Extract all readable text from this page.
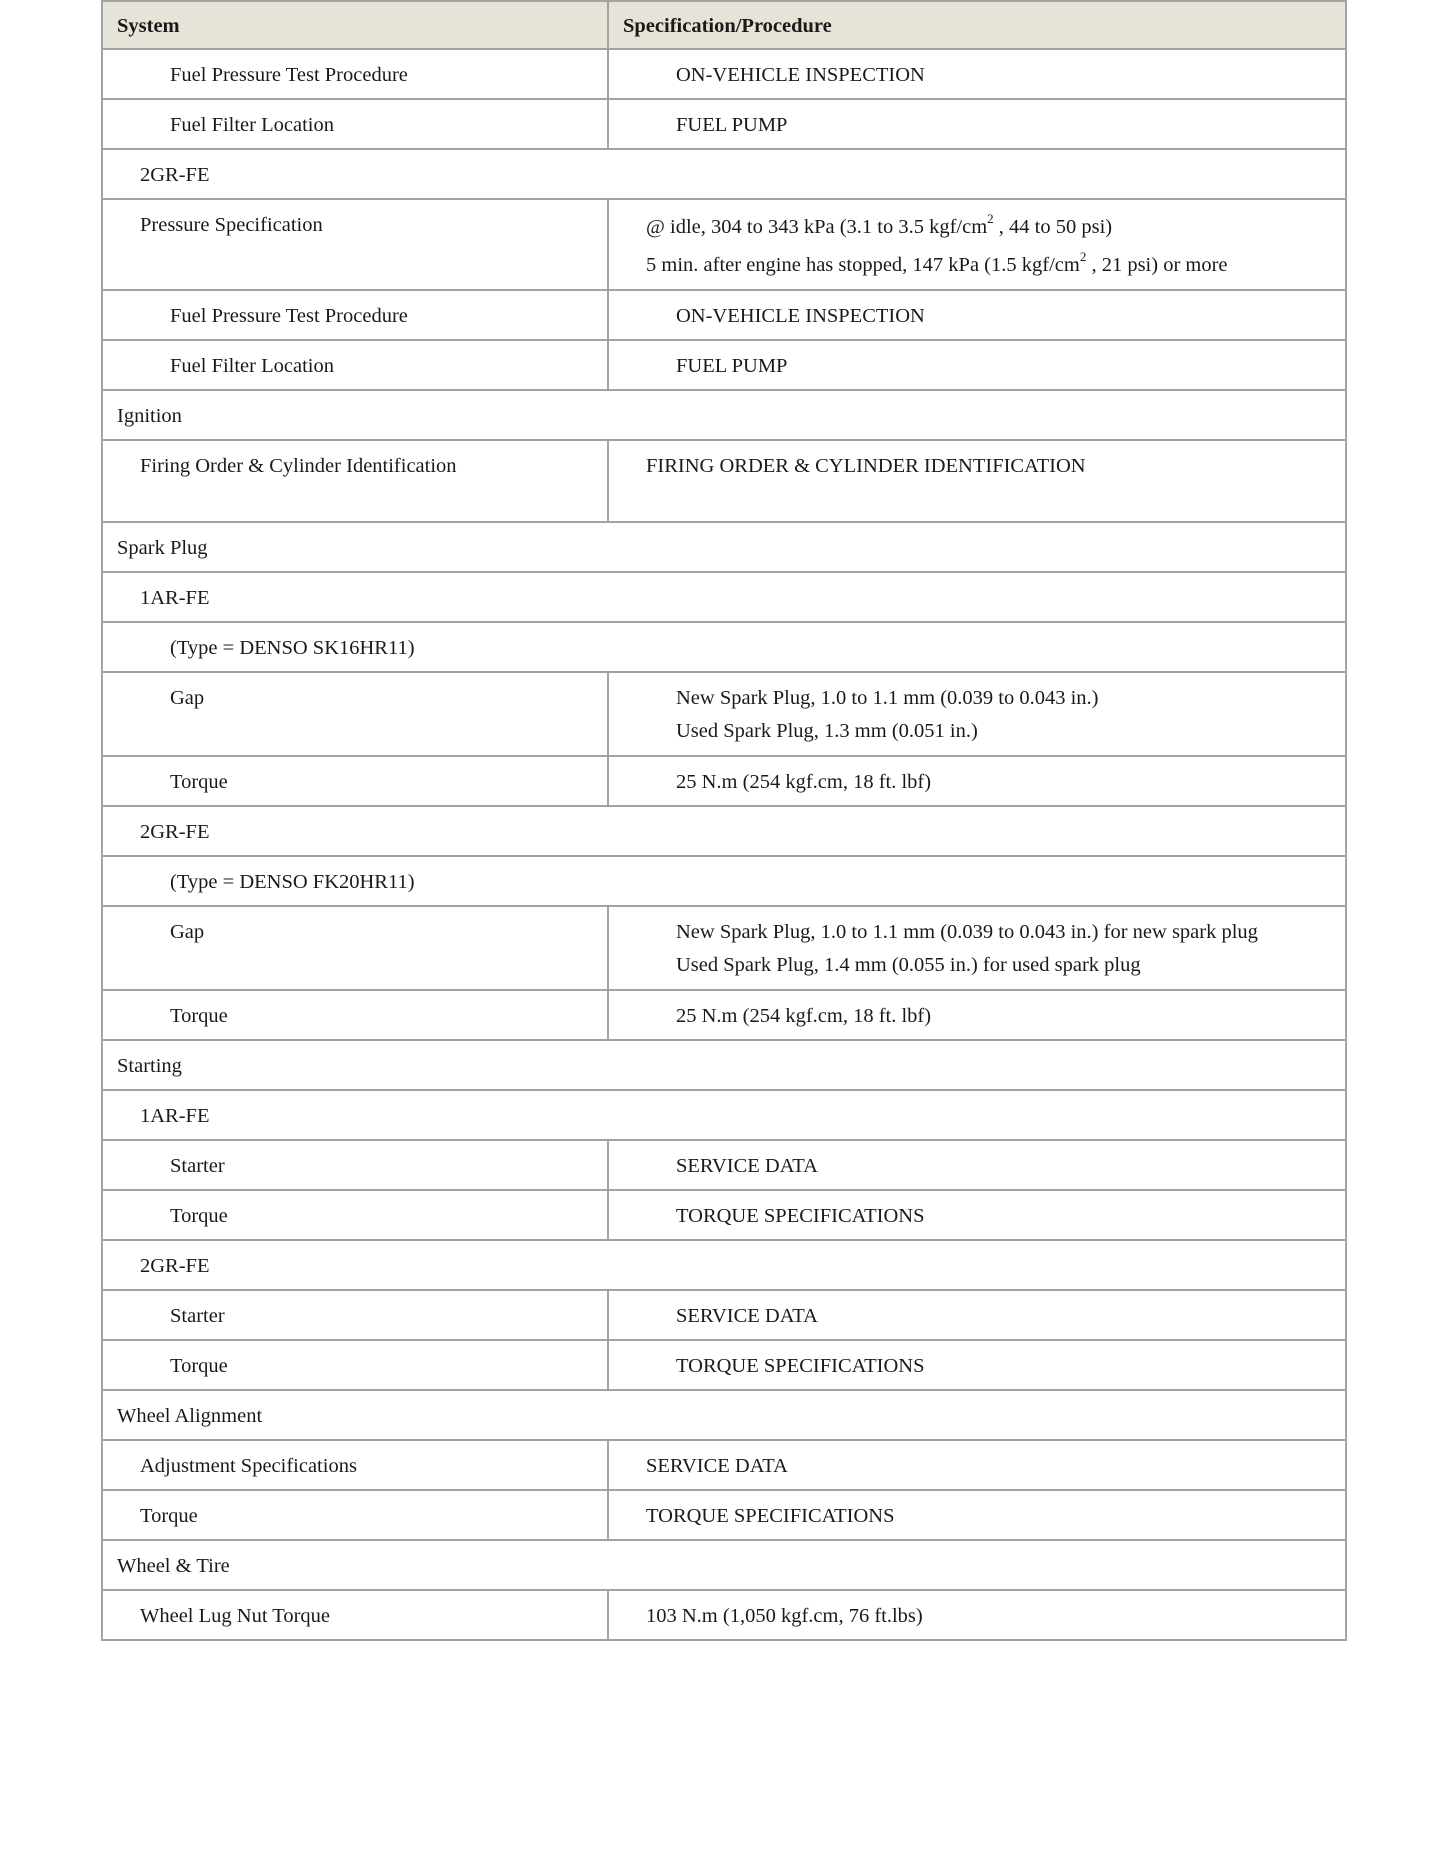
System	Specification/Procedure
Fuel Pressure Test Procedure	ON-VEHICLE INSPECTION
Fuel Filter Location	FUEL PUMP
2GR-FE	
Pressure Specification	@ idle, 304 to 343 kPa (3.1 to 3.5 kgf/$cm^2$ , 44 to 50 psi)
5 min. after engine has stopped, 147 kPa (1.5 kgf/$cm^2$ , 21 psi) or more

Fuel Pressure Test Procedure	ON-VEHICLE INSPECTION
Fuel Filter Location	FUEL PUMP
Ignition	
Firing Order & Cylinder Identification	FIRING ORDER & CYLINDER IDENTIFICATION
Spark Plug	
1AR-FE	
(Type = DENSO SK16HR11)	
Gap	New Spark Plug, 1.0 to 1.1 mm (0.039 to 0.043 in.)
Used Spark Plug, 1.3 mm (0.051 in.)

Torque	25 N.m (254 kgf.cm, 18 ft. lbf)
2GR-FE	
(Type = DENSO FK20HR11)	
Gap	New Spark Plug, 1.0 to 1.1 mm (0.039 to 0.043 in.) for new spark plug
Used Spark Plug, 1.4 mm (0.055 in.) for used spark plug

Torque	25 N.m (254 kgf.cm, 18 ft. lbf)
Starting	
1AR-FE	
Starter	SERVICE DATA
Torque	TORQUE SPECIFICATIONS
2GR-FE	
Starter	SERVICE DATA
Torque	TORQUE SPECIFICATIONS
Wheel Alignment	
Adjustment Specifications	SERVICE DATA
Torque	TORQUE SPECIFICATIONS
Wheel & Tire	
Wheel Lug Nut Torque	103 N.m (1,050 kgf.cm, 76 ft.lbs)
